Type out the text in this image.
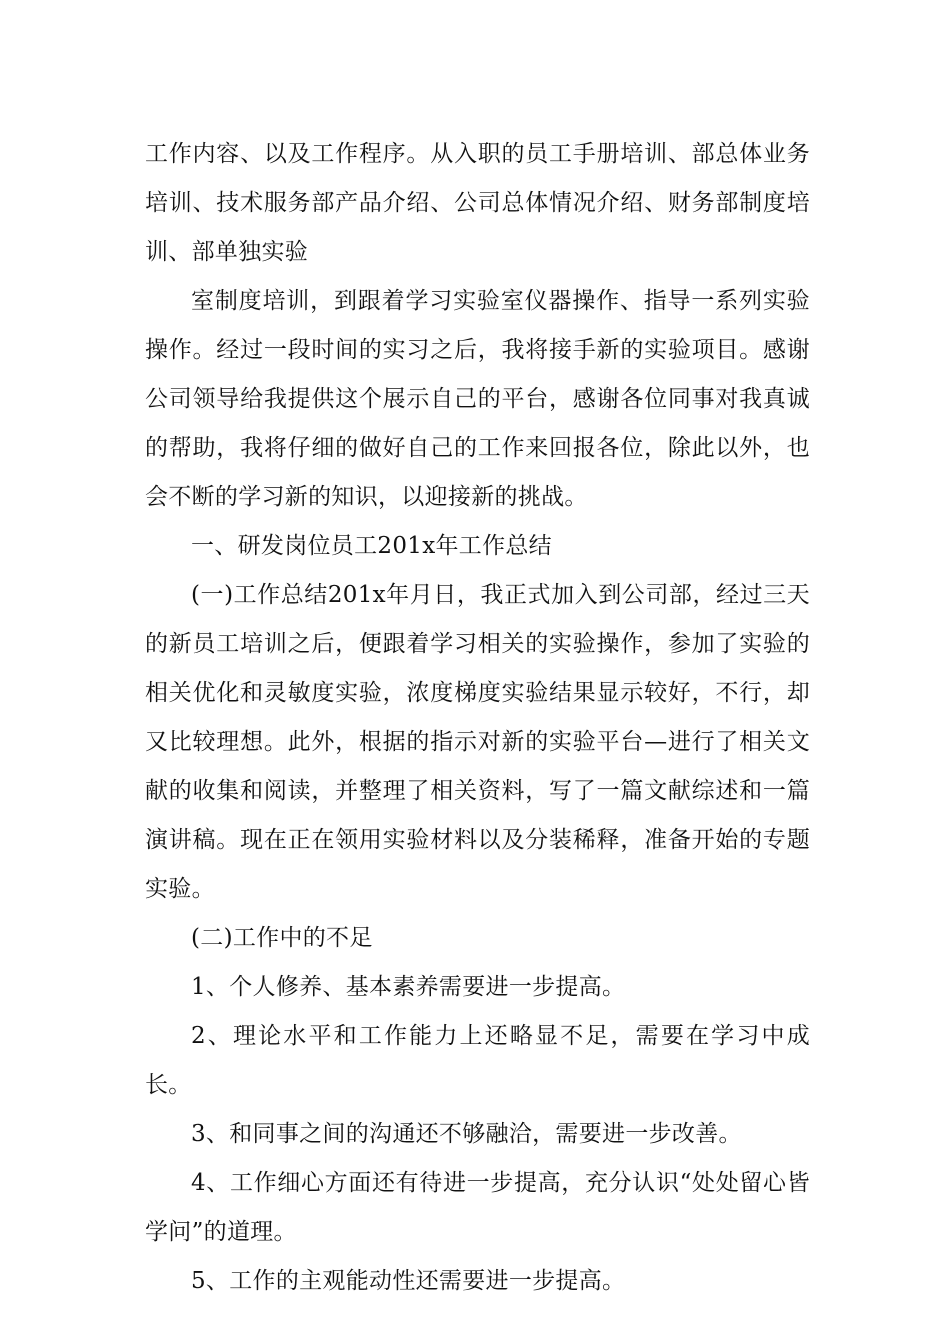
工作内容、以及工作程序。从入职的员工手册培训、部总体业务培训、技术服务部产品介绍、公司总体情况介绍、财务部制度培训、部单独实验

室制度培训，到跟着学习实验室仪器操作、指导一系列实验操作。经过一段时间的实习之后，我将接手新的实验项目。感谢公司领导给我提供这个展示自己的平台，感谢各位同事对我真诚的帮助，我将仔细的做好自己的工作来回报各位，除此以外，也会不断的学习新的知识，以迎接新的挑战。

一、研发岗位员工201x年工作总结

(一)工作总结201x年月日，我正式加入到公司部，经过三天的新员工培训之后，便跟着学习相关的实验操作，参加了实验的相关优化和灵敏度实验，浓度梯度实验结果显示较好，不行，却又比较理想。此外，根据的指示对新的实验平台—进行了相关文献的收集和阅读，并整理了相关资料，写了一篇文献综述和一篇演讲稿。现在正在领用实验材料以及分装稀释，准备开始的专题实验。

(二)工作中的不足

1、个人修养、基本素养需要进一步提高。

2、理论水平和工作能力上还略显不足，需要在学习中成长。

3、和同事之间的沟通还不够融洽，需要进一步改善。

4、工作细心方面还有待进一步提高，充分认识“处处留心皆学问”的道理。

5、工作的主观能动性还需要进一步提高。
